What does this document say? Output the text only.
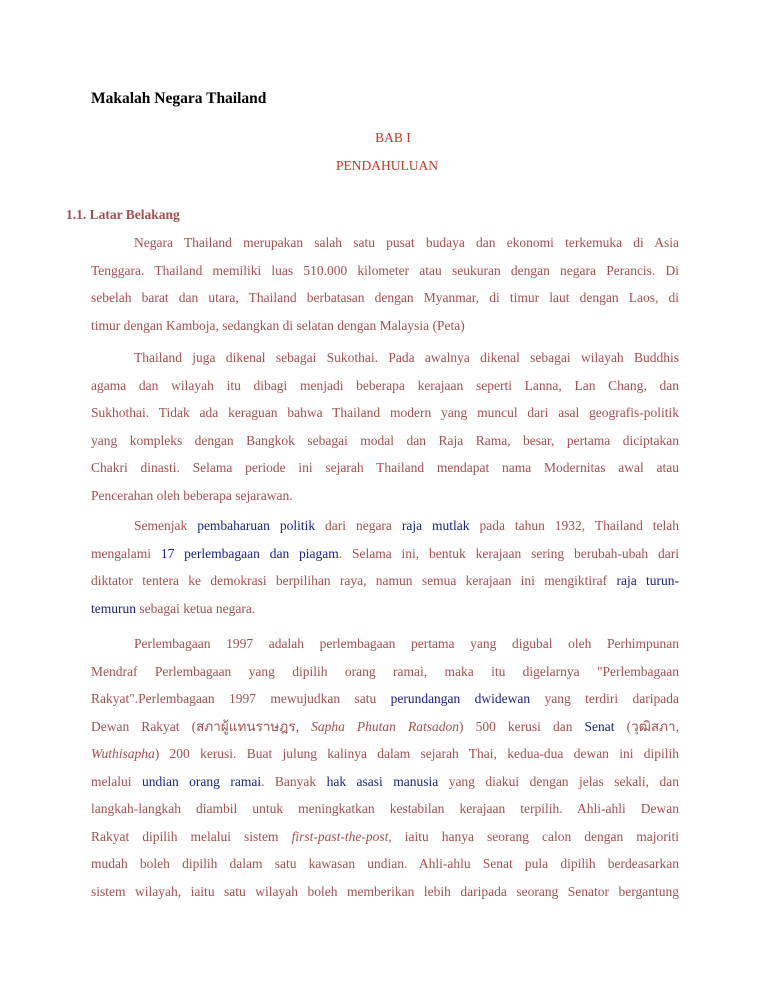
Makalah Negara Thailand
BAB I
PENDAHULUAN
1.1. Latar Belakang
Negara Thailand merupakan salah satu pusat budaya dan ekonomi terkemuka di Asia
Tenggara. Thailand memiliki luas 510.000 kilometer atau seukuran dengan negara Perancis. Di
sebelah barat dan utara, Thailand berbatasan dengan Myanmar, di timur laut dengan Laos, di
timur dengan Kamboja, sedangkan di selatan dengan Malaysia (Peta)
Thailand juga dikenal sebagai Sukothai. Pada awalnya dikenal sebagai wilayah Buddhis
agama dan wilayah itu dibagi menjadi beberapa kerajaan seperti Lanna, Lan Chang, dan
Sukhothai. Tidak ada keraguan bahwa Thailand modern yang muncul dari asal geografis-politik
yang kompleks dengan Bangkok sebagai modal dan Raja Rama, besar, pertama diciptakan
Chakri dinasti. Selama periode ini sejarah Thailand mendapat nama Modernitas awal atau
Pencerahan oleh beberapa sejarawan.
Semenjak pembaharuan politik dari negara raja mutlak pada tahun 1932, Thailand telah
mengalami 17 perlembagaan dan piagam. Selama ini, bentuk kerajaan sering berubah-ubah dari
diktator tentera ke demokrasi berpilihan raya, namun semua kerajaan ini mengiktiraf raja turun-
temurun sebagai ketua negara.
Perlembagaan 1997 adalah perlembagaan pertama yang digubal oleh Perhimpunan
Mendraf Perlembagaan yang dipilih orang ramai, maka itu digelarnya "Perlembagaan
Rakyat".Perlembagaan 1997 mewujudkan satu perundangan dwidewan yang terdiri daripada
Dewan Rakyat (สภาผู้แทนราษฎร, Sapha Phutan Ratsadon) 500 kerusi dan Senat (วุฒิสภา,
Wuthisapha) 200 kerusi. Buat julung kalinya dalam sejarah Thai, kedua-dua dewan ini dipilih
melalui undian orang ramai. Banyak hak asasi manusia yang diakui dengan jelas sekali, dan
langkah-langkah diambil untuk meningkatkan kestabilan kerajaan terpilih. Ahli-ahli Dewan
Rakyat dipilih melalui sistem first-past-the-post, iaitu hanya seorang calon dengan majoriti
mudah boleh dipilih dalam satu kawasan undian. Ahli-ahlu Senat pula dipilih berdeasarkan
sistem wilayah, iaitu satu wilayah boleh memberikan lebih daripada seorang Senator bergantung
